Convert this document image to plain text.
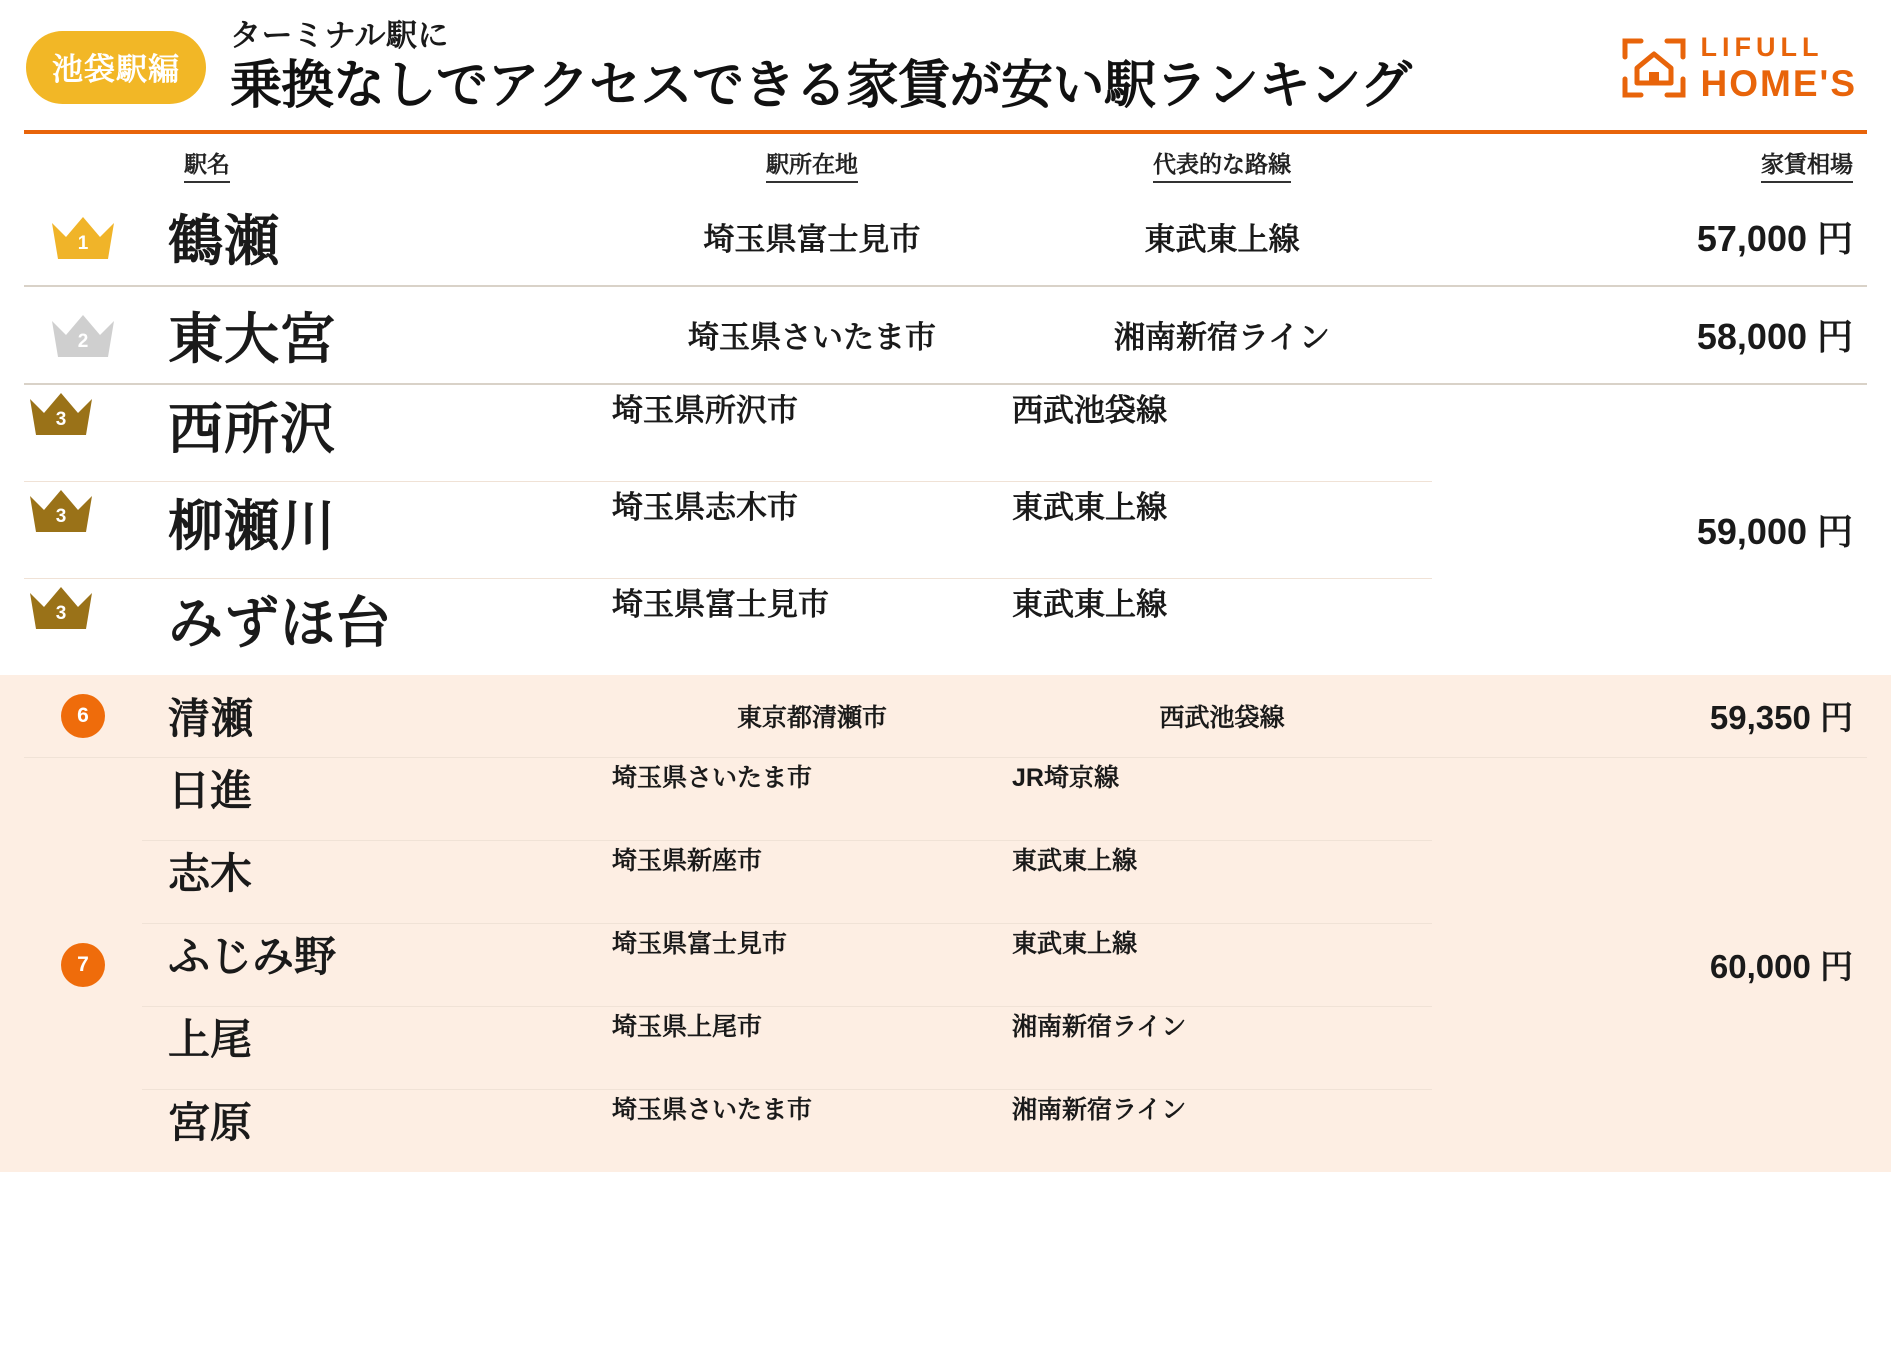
池袋駅編
ターミナル駅に
乗換なしでアクセスできる家賃が安い駅ランキング
LIFULL
HOME'S
駅名	駅所在地	代表的な路線	家賃相場
1	鶴瀬	埼玉県富士見市	東武東上線	57,000 円
2	東大宮	埼玉県さいたま市	湘南新宿ライン	58,000 円
3	西所沢	埼玉県所沢市	西武池袋線
3	柳瀬川	埼玉県志木市	東武東上線
3	みずほ台	埼玉県富士見市	東武東上線
59,000 円
6	清瀬	東京都清瀬市	西武池袋線	59,350 円
7
日進	埼玉県さいたま市	JR埼京線
志木	埼玉県新座市	東武東上線
ふじみ野	埼玉県富士見市	東武東上線
上尾	埼玉県上尾市	湘南新宿ライン
宮原	埼玉県さいたま市	湘南新宿ライン
60,000 円
